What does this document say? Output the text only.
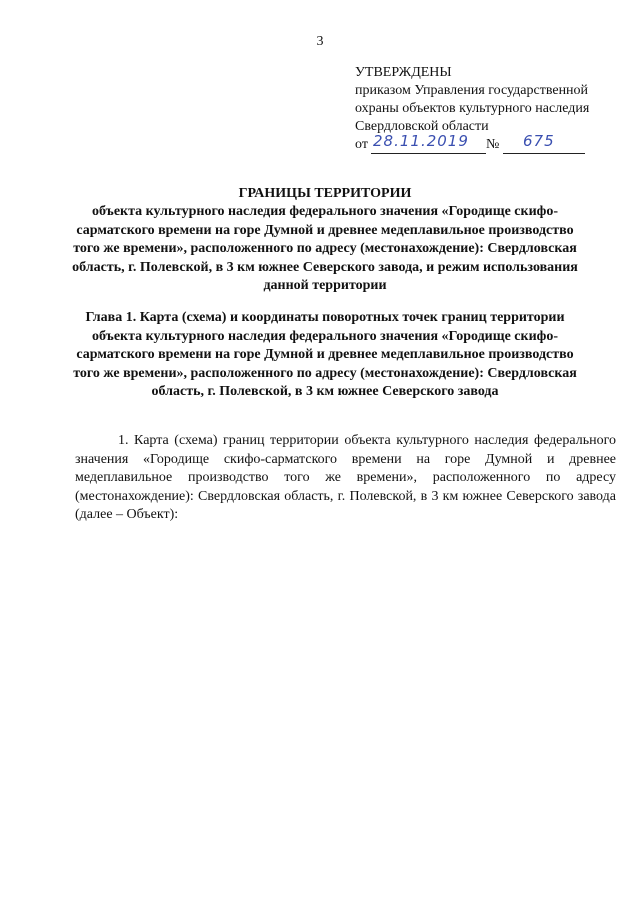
3
УТВЕРЖДЕНЫ
приказом Управления государственной
охраны объектов культурного наследия
Свердловской области
от 28.11.2019 № 675
ГРАНИЦЫ ТЕРРИТОРИИ
объекта культурного наследия федерального значения «Городище скифо-сарматского времени на горе Думной и древнее медеплавильное производство того же времени», расположенного по адресу (местонахождение): Свердловская область, г. Полевской, в 3 км южнее Северского завода, и режим использования данной территории
Глава 1. Карта (схема) и координаты поворотных точек границ территории объекта культурного наследия федерального значения «Городище скифо-сарматского времени на горе Думной и древнее медеплавильное производство того же времени», расположенного по адресу (местонахождение): Свердловская область, г. Полевской, в 3 км южнее Северского завода
1. Карта (схема) границ территории объекта культурного наследия федерального значения «Городище скифо-сарматского времени на горе Думной и древнее медеплавильное производство того же времени», расположенного по адресу (местонахождение): Свердловская область, г. Полевской, в 3 км южнее Северского завода (далее – Объект):
